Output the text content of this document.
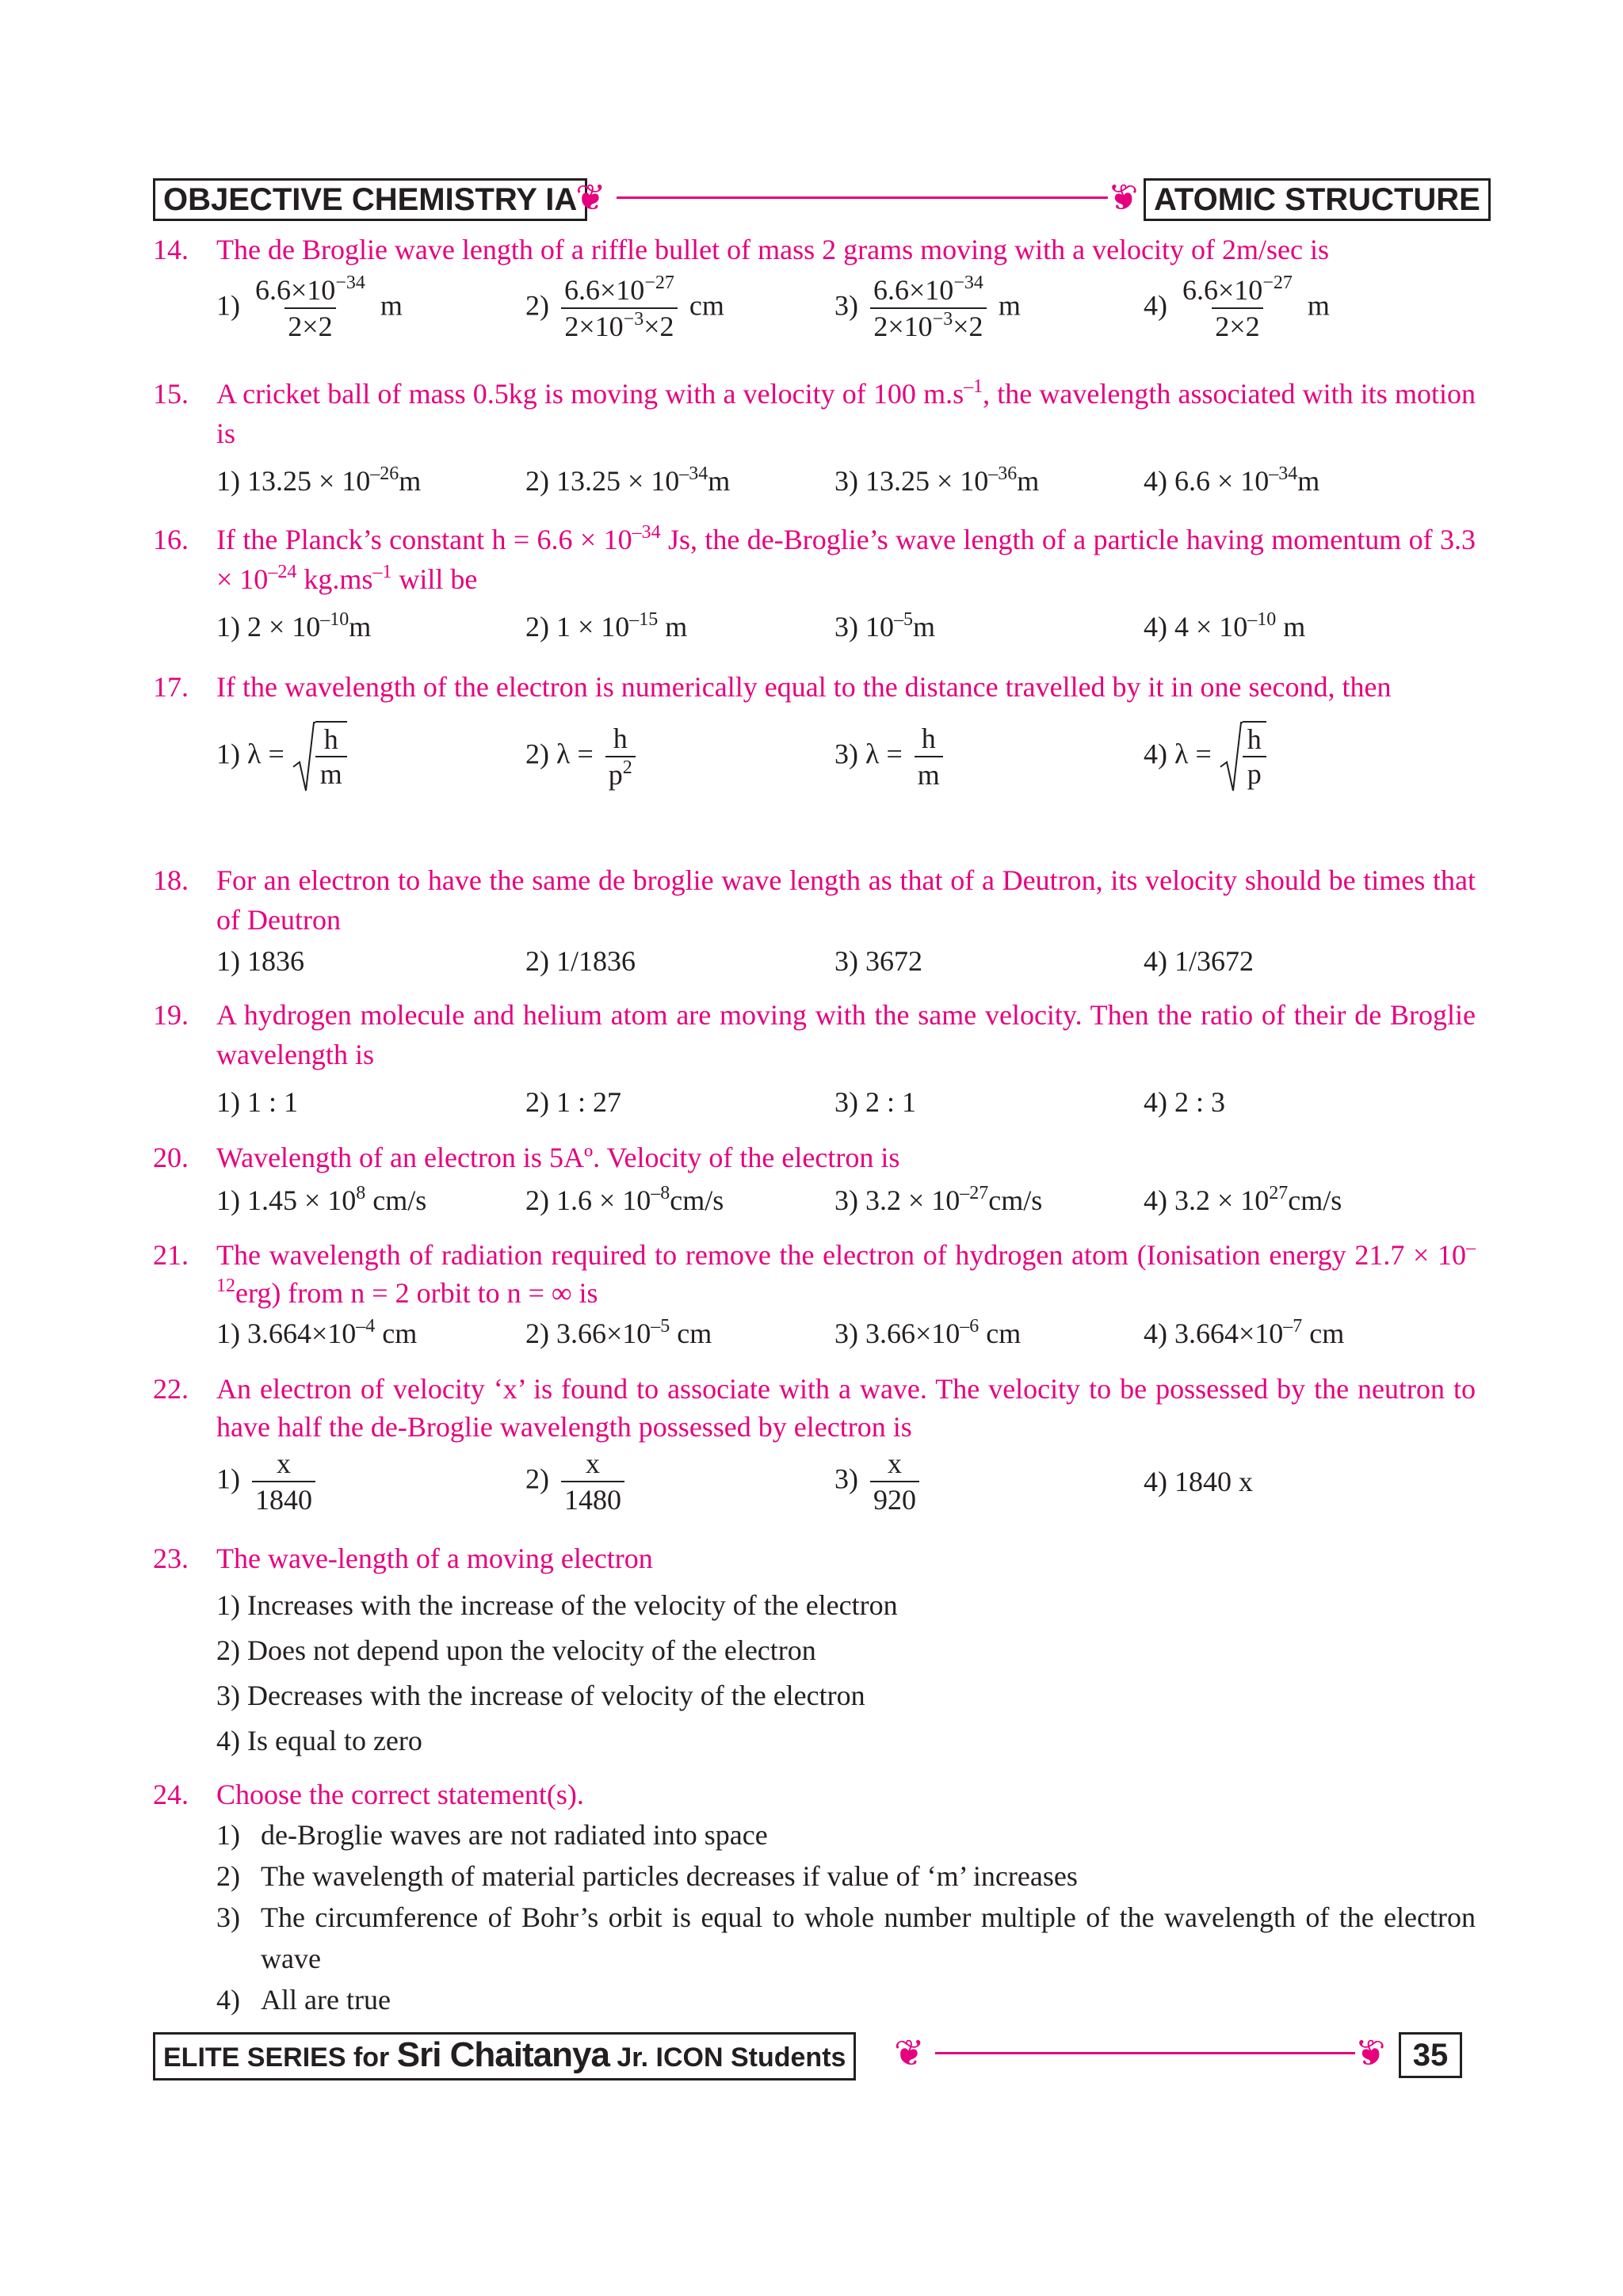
OBJECTIVE CHEMISTRY IA
❦	❦ ATOMIC STRUCTURE
14. The de Broglie wave length of a riffle bullet of mass 2 grams moving with a velocity of 2m/sec is
$1) \frac{6.6\times 10^{-34}}{2\times 2}$ m	$2) \frac{6.6\times 10^{-27}}{2\times 10^{-3}\times 2}$ cm	$3) \frac{6.6\times 10^{-34}}{2\times 10^{-3}\times 2}$ m	$4) \frac{6.6\times 10^{-27}}{2\times 2}$ m
15. A cricket ball of mass 0.5kg is moving with a velocity of 100 $m.s^{-1}$, the wavelength associated with its motion is
1) $13.25 \times 10^{-26}m$	2) $13.25 \times 10^{-34}m$	3) $13.25 \times 10^{-36}m$	4) $6.6 \times 10^{-34}m$
16. If the Planck’s constant $h = 6.6 \times 10^{-34}$ Js, the de-Broglie’s wave length of a particle having momentum of $3.3 \times 10^{-24}$ $kg.ms^{-1}$ will be
1) $2 \times 10^{-10}m$	2) $1 \times 10^{-15}$ m	3) $10^{-5}m$	4) $4 \times 10^{-10}$ m
17. If the wavelength of the electron is numerically equal to the distance travelled by it in one second, then
1) $\lambda = \frac{h}{m}$	2) $\lambda = \frac{h}{p^2}$	3) $\lambda = \frac{h}{m}$	4) $\lambda = \frac{h}{p}$
18. For an electron to have the same de broglie wave length as that of a Deutron, its velocity should be times that of Deutron
1) 1836	2) 1/1836	3) 3672	4) 1/3672
19. A hydrogen molecule and helium atom are moving with the same velocity. Then the ratio of their de Broglie wavelength is
1) 1 : 1	2) 1 : 27	3) 2 : 1	4) 2 : 3
20. Wavelength of an electron is 5Aº. Velocity of the electron is
1) $1.45 \times 10^8$ cm/s	2) $1.6 \times 10^{-8}cm/s$	3) $3.2 \times 10^{-27}cm/s$	4) $3.2 \times 10^{27}cm/s$
21. The wavelength of radiation required to remove the electron of hydrogen atom (Ionisation energy $21.7 \times 10^{-12}erg$) from n = 2 orbit to n = ∞ is
1) $3.664\times 10^{-4}$ cm	2) $3.66\times 10^{-5}$ cm	3) $3.66\times 10^{-6}$ cm	4) $3.664\times 10^{-7}$ cm
22. An electron of velocity ‘x’ is found to associate with a wave. The velocity to be possessed by the neutron to have half the de-Broglie wavelength possessed by electron is
$1) \frac{x}{1840}$	$2) \frac{x}{1480}$	$3) \frac{x}{920}$	4) 1840 x
23. The wave-length of a moving electron
1) Increases with the increase of the velocity of the electron
2) Does not depend upon the velocity of the electron
3) Decreases with the increase of velocity of the electron
4) Is equal to zero
24. Choose the correct statement(s).
1) de-Broglie waves are not radiated into space
2) The wavelength of material particles decreases if value of ‘m’ increases
3) The circumference of Bohr’s orbit is equal to whole number multiple of the wavelength of the electron wave
4) All are true
ELITE SERIES for Sri Chaitanya Jr. ICON Students ❦	❦ 35
